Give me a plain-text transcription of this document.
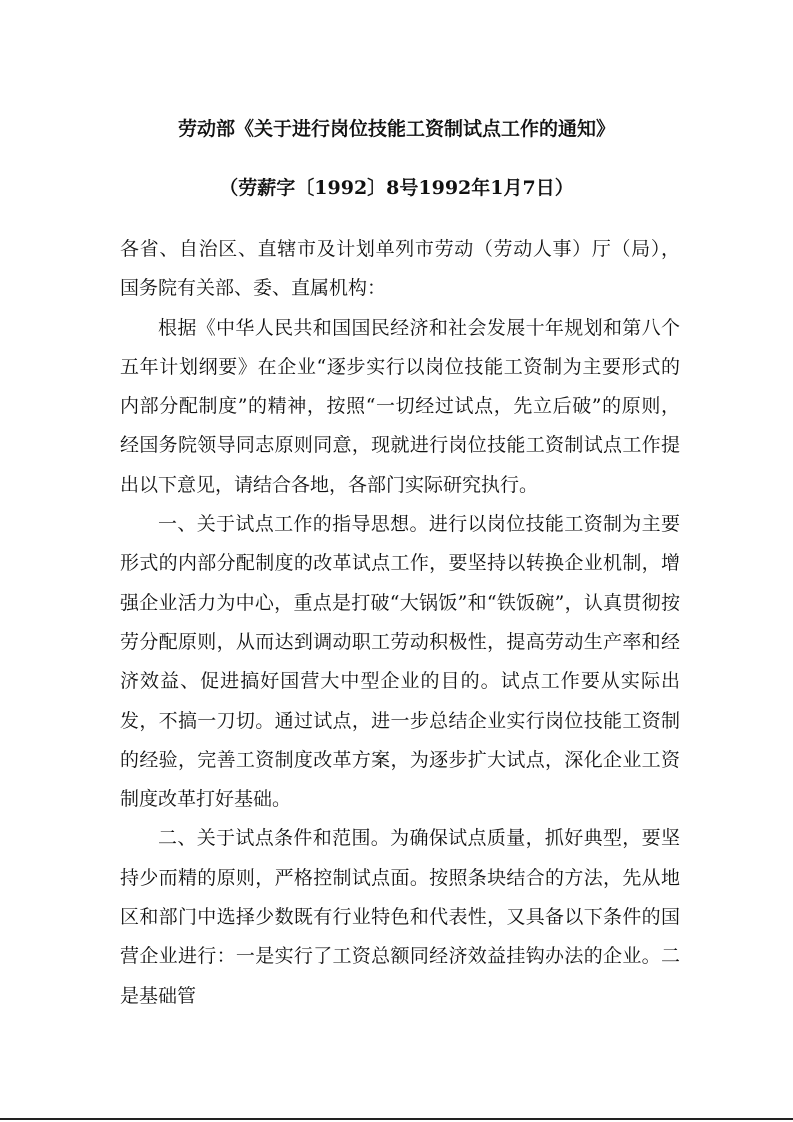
劳动部《关于进行岗位技能工资制试点工作的通知》
（劳薪字〔1992〕8号1992年1月7日）

各省、自治区、直辖市及计划单列市劳动（劳动人事）厅（局），国务院有关部、委、直属机构：

根据《中华人民共和国国民经济和社会发展十年规划和第八个五年计划纲要》在企业“逐步实行以岗位技能工资制为主要形式的内部分配制度”的精神，按照“一切经过试点，先立后破”的原则，经国务院领导同志原则同意，现就进行岗位技能工资制试点工作提出以下意见，请结合各地，各部门实际研究执行。

一、关于试点工作的指导思想。进行以岗位技能工资制为主要形式的内部分配制度的改革试点工作，要坚持以转换企业机制，增强企业活力为中心，重点是打破“大锅饭”和“铁饭碗”，认真贯彻按劳分配原则，从而达到调动职工劳动积极性，提高劳动生产率和经济效益、促进搞好国营大中型企业的目的。试点工作要从实际出发，不搞一刀切。通过试点，进一步总结企业实行岗位技能工资制的经验，完善工资制度改革方案，为逐步扩大试点，深化企业工资制度改革打好基础。

二、关于试点条件和范围。为确保试点质量，抓好典型，要坚持少而精的原则，严格控制试点面。按照条块结合的方法，先从地区和部门中选择少数既有行业特色和代表性，又具备以下条件的国营企业进行：一是实行了工资总额同经济效益挂钩办法的企业。二是基础管
